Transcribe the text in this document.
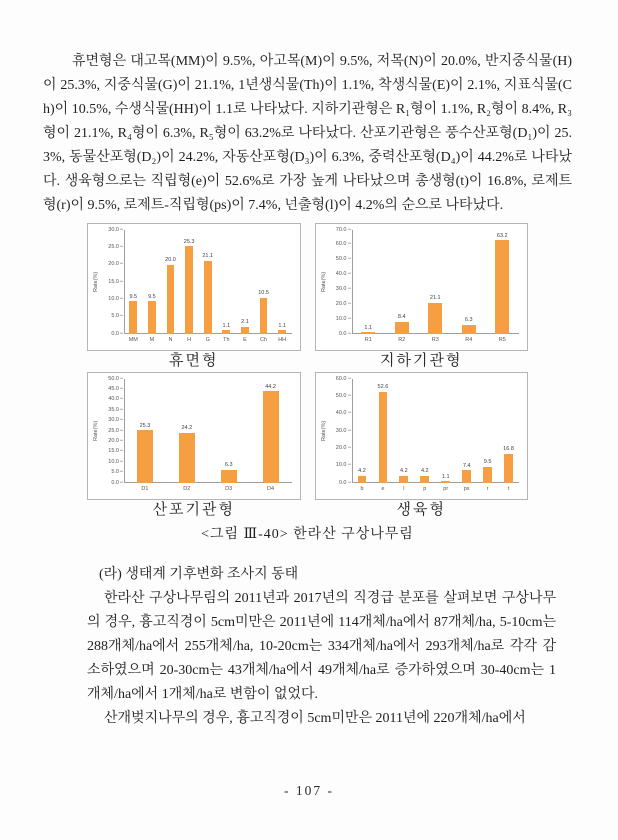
휴면형은 대고목(MM)이 9.5%, 아고목(M)이 9.5%, 저목(N)이 20.0%, 반지중식물(H)이 25.3%, 지중식물(G)이 21.1%, 1년생식물(Th)이 1.1%, 착생식물(E)이 2.1%, 지표식물(Ch)이 10.5%, 수생식물(HH)이 1.1로 나타났다. 지하기관형은 R₁형이 1.1%, R₂형이 8.4%, R₃형이 21.1%, R₄형이 6.3%, R₅형이 63.2%로 나타났다. 산포기관형은 풍수산포형(D₁)이 25.3%, 동물산포형(D₂)이 24.2%, 자동산포형(D₃)이 6.3%, 중력산포형(D₄)이 44.2%로 나타났다. 생육형으로는 직립형(e)이 52.6%로 가장 높게 나타났으며 총생형(t)이 16.8%, 로제트형(r)이 9.5%, 로제트-직립형(ps)이 7.4%, 넌출형(l)이 4.2%의 순으로 나타났다.

Rate(%)
0.0
5.0
10.0
15.0
20.0
25.0
30.0
9.5
MM
9.5
M
20.0
N
25.3
H
21.1
G
1.1
Th
2.1
E
10.5
Ch
1.1
HH
휴면형
Rate(%)
0.0
10.0
20.0
30.0
40.0
50.0
60.0
70.0
1.1
R1
8.4
R2
21.1
R3
6.3
R4
63.2
R5
지하기관형
Rate(%)
0.0
5.0
10.0
15.0
20.0
25.0
30.0
35.0
40.0
45.0
50.0
25.3
D1
24.2
D2
6.3
D3
44.2
D4
산포기관형
Rate(%)
0.0
10.0
20.0
30.0
40.0
50.0
60.0
4.2
b
52.6
e
4.2
l
4.2
p
1.1
pr
7.4
ps
9.5
r
16.8
t
생육형
<그림 Ⅲ-40> 한라산 구상나무림

(라) 생태계 기후변화 조사지 동태

한라산 구상나무림의 2011년과 2017년의 직경급 분포를 살펴보면 구상나무의 경우, 흉고직경이 5cm미만은 2011년에 114개체/ha에서 87개체/ha, 5-10cm는 288개체/ha에서 255개체/ha, 10-20cm는 334개체/ha에서 293개체/ha로 각각 감소하였으며 20-30cm는 43개체/ha에서 49개체/ha로 증가하였으며 30-40cm는 1개체/ha에서 1개체/ha로 변함이 없었다.

산개벚지나무의 경우, 흉고직경이 5cm미만은 2011년에 220개체/ha에서

- 107 -
